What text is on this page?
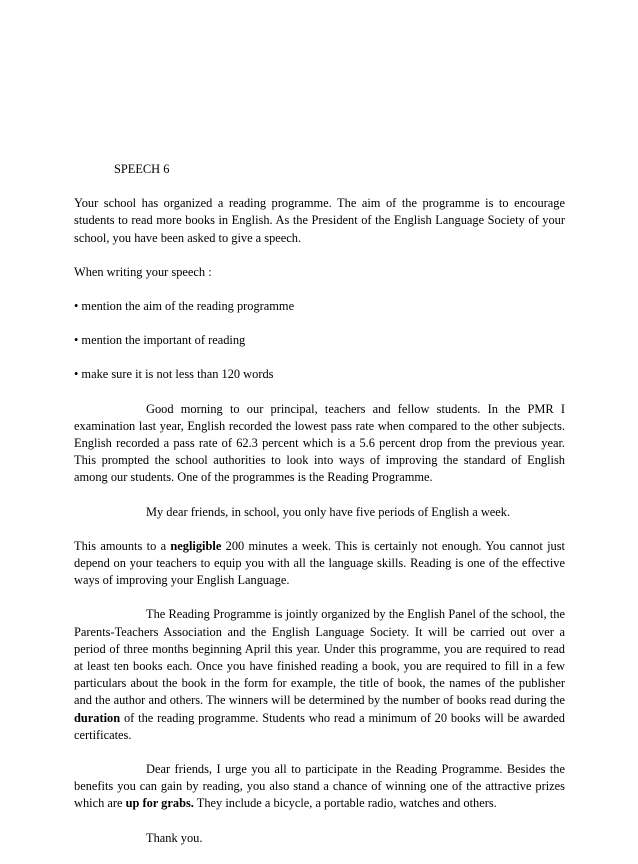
SPEECH 6

Your school has organized a reading programme. The aim of the programme is to encourage students to read more books in English. As the President of the English Language Society of your school, you have been asked to give a speech.

When writing your speech :
• mention the aim of the reading programme
• mention the important of reading
• make sure it is not less than 120 words

Good morning to our principal, teachers and fellow students. In the PMR I examination last year, English recorded the lowest pass rate when compared to the other subjects. English recorded a pass rate of 62.3 percent which is a 5.6 percent drop from the previous year. This prompted the school authorities to look into ways of improving the standard of English among our students. One of the programmes is the Reading Programme.

My dear friends, in school, you only have five periods of English a week.

This amounts to a negligible 200 minutes a week. This is certainly not enough. You cannot just depend on your teachers to equip you with all the language skills. Reading is one of the effective ways of improving your English Language.

The Reading Programme is jointly organized by the English Panel of the school, the Parents-Teachers Association and the English Language Society. It will be carried out over a period of three months beginning April this year. Under this programme, you are required to read at least ten books each. Once you have finished reading a book, you are required to fill in a few particulars about the book in the form for example, the title of book, the names of the publisher and the author and others. The winners will be determined by the number of books read during the duration of the reading programme. Students who read a minimum of 20 books will be awarded certificates.

Dear friends, I urge you all to participate in the Reading Programme. Besides the benefits you can gain by reading, you also stand a chance of winning one of the attractive prizes which are up for grabs. They include a bicycle, a portable radio, watches and others.

Thank you.
